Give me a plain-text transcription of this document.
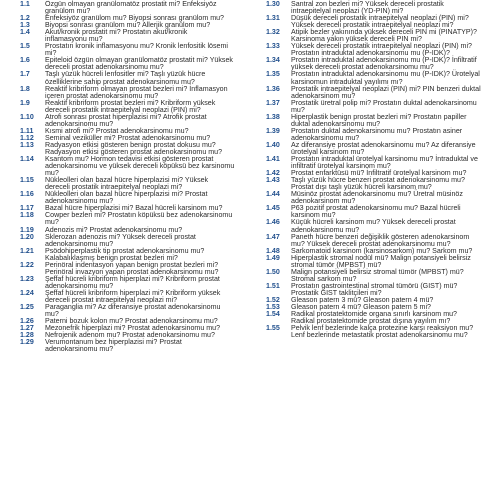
1.1	Özgün olmayan granülomatöz prostatit mi? Enfeksiyöz
granülom mu?
1.2	Enfeksiyöz granülom mu? Biyopsi sonrası granülom mu?
1.3	Biyopsi sonrası granülom mu? Allerjik granülom mu?
1.4	Akut/kronik prostatit mi? Prostatın akut/kronik
inflamasyonu mu?
1.5	Prostatın kronik inflamasyonu mu? Kronik lenfositik lösemi
mi?
1.6	Epiteloid özgün olmayan granülomatöz prostatit mi? Yüksek
dereceli prostat adenokarsinomu mu?
1.7	Taşlı yüzük hücreli lenfositler mi? Taşlı yüzük hücre
özelliklerine sahip prostat adenokarsinomu mu?
1.8	Reaktif kribriform olmayan prostat bezleri mi? İnflamasyon
içeren prostat adenokarsinomu mu?
1.9	Reaktif kribriform prostat bezleri mi? Kribriform yüksek
dereceli prostatik intraepitelyal neoplazi (PIN) mi?
1.10	Atrofi sonrası prostat hiperplazisi mi? Atrofik prostat
adenokarsinomu mu?
1.11	Kısmi atrofi mi? Prostat adenokarsinomu mu?
1.12	Seminal veziküller mi? Prostat adenokarsinomu mu?
1.13	Radyasyon etkisi gösteren benign prostat dokusu mu?
Radyasyon etkisi gösteren prostat adenokarsinomu mu?
1.14	Ksantom mu? Hormon tedavisi etkisi gösteren prostat
adenokarsinomu ve yüksek dereceli köpüksü bez karsinomu
mu?
1.15	Nükleolleri olan bazal hücre hiperplazisi mi? Yüksek
dereceli prostatik intraepitelyal neoplazi mi?
1.16	Nükleolleri olan bazal hücre hiperplazisi mi? Prostat
adenokarsinomu mu?
1.17	Bazal hücre hiperplazisi mi? Bazal hücreli karsinom mu?
1.18	Cowper bezleri mi? Prostatın köpüksü bez adenokarsinomu
mu?
1.19	Adenozis mi? Prostat adenokarsinomu mu?
1.20	Sklerozan adenozis mi? Yüksek dereceli prostat
adenokarsinomu mu?
1.21	Psödohiperplastik tip prostat adenokarsinomu mu?
Kalabalıklaşmış benign prostat bezleri mi?
1.22	Perinöral indentasyon yapan benign prostat bezleri mi?
Perinöral invazyon yapan prostat adenokarsinomu mu?
1.23	Şeffaf hücreli kribriform hiperplazi mi? Kribriform prostat
adenokarsinomu mu?
1.24	Şeffaf hücreli kribriform hiperplazi mi? Kribriform yüksek
dereceli prostat intraepitelyal neoplazi mi?
1.25	Paraganglia mi? Az diferansiye prostat adenokarsinomu
mu?
1.26	Paterni bozuk kolon mu? Prostat adenokarsinomu mu?
1.27	Mezonefrik hiperplazi mi? Prostat adenokarsinomu mu?
1.28	Nefrojenik adenom mu? Prostat adenokarsinomu mu?
1.29	Verumontanum bez hiperplazisi mi? Prostat
adenokarsinomu mu?
1.30	Santral zon bezleri mi? Yüksek dereceli prostatik
intraepitelyal neoplazi (YD-PIN) mi?
1.31	Düşük dereceli prostatik intraepitelyal neoplazi (PIN) mi?
Yüksek dereceli prostatik intraepitelyal neoplazi mi?
1.32	Atipik bezler yakınında yüksek dereceli PIN mi (PINATYP)?
Karsinoma yakın yüksek dereceli PIN mi?
1.33	Yüksek dereceli prostatik intraepitelyal neoplazi (PIN) mi?
Prostatın intraduktal adenokarsinomu mu (P-IDK)?
1.34	Prostatın intraduktal adenokarsinomu mu (P-IDK)? İnfiltratif
yüksek dereceli prostat adenokarsinomu mu?
1.35	Prostatın intraduktal adenokarsinomu mu (P-IDK)? Ürotelyal
karsinomun intraduktal yayılımı mı?
1.36	Prostatik intraepitelyal neoplazi (PIN) mi? PIN benzeri duktal
adenokarsinom mu?
1.37	Prostatik üretral polip mi? Prostatın duktal adenokarsinomu
mu?
1.38	Hiperplastik benign prostat bezleri mi? Prostatın papiller
duktal adenokarsinomu mu?
1.39	Prostatın duktal adenokarsinomu mu? Prostatın asiner
adenokarsinomu mu?
1.40	Az diferansiye prostat adenokarsinomu mu? Az diferansiye
ürotelyal karsinom mu?
1.41	Prostatın intraduktal ürotelyal karsinomu mu? İntraduktal ve
infiltratif ürotelyal karsinom mu?
1.42	Prostat enfarktüsü mü? İnfiltratif ürotelyal karsinom mu?
1.43	Taşlı yüzük hücre benzeri prostat adenokarsinomu mu?
Prostat dışı taşlı yüzük hücreli karsinom mu?
1.44	Müsinöz prostat adenokarsinomu mu? Üretral müsinöz
adenokarsinom mu?
1.45	P63 pozitif prostat adenokarsinomu mu? Bazal hücreli
karsinom mu?
1.46	Küçük hücreli karsinom mu? Yüksek dereceli prostat
adenokarsinomu mu?
1.47	Paneth hücre benzeri değişiklik gösteren adenokarsinom
mu? Yüksek dereceli prostat adenokarsinomu mu?
1.48	Sarkomatoid karsinom (karsinosarkom) mu? Sarkom mu?
1.49	Hiperplastik stromal nodül mü? Malign potansiyeli belirsiz
stromal tümör (MPBST) mü?
1.50	Malign potansiyeli belirsiz stromal tümör (MPBST) mü?
Stromal sarkom mu?
1.51	Prostatın gastrointestinal stromal tümörü (GIST) mü?
Prostatik GIST taklitçileri mi?
1.52	Gleason patern 3 mü? Gleason patern 4 mü?
1.53	Gleason patern 4 mü? Gleason patern 5 mi?
1.54	Radikal prostatektomide organa sınırlı karsinom mu?
Radikal prostatektomide prostat dışına yayılım mı?
1.55	Pelvik lenf bezlerinde kalça protezine karşı reaksiyon mu?
Lenf bezlerinde metastatik prostat adenokarsinomu mu?
